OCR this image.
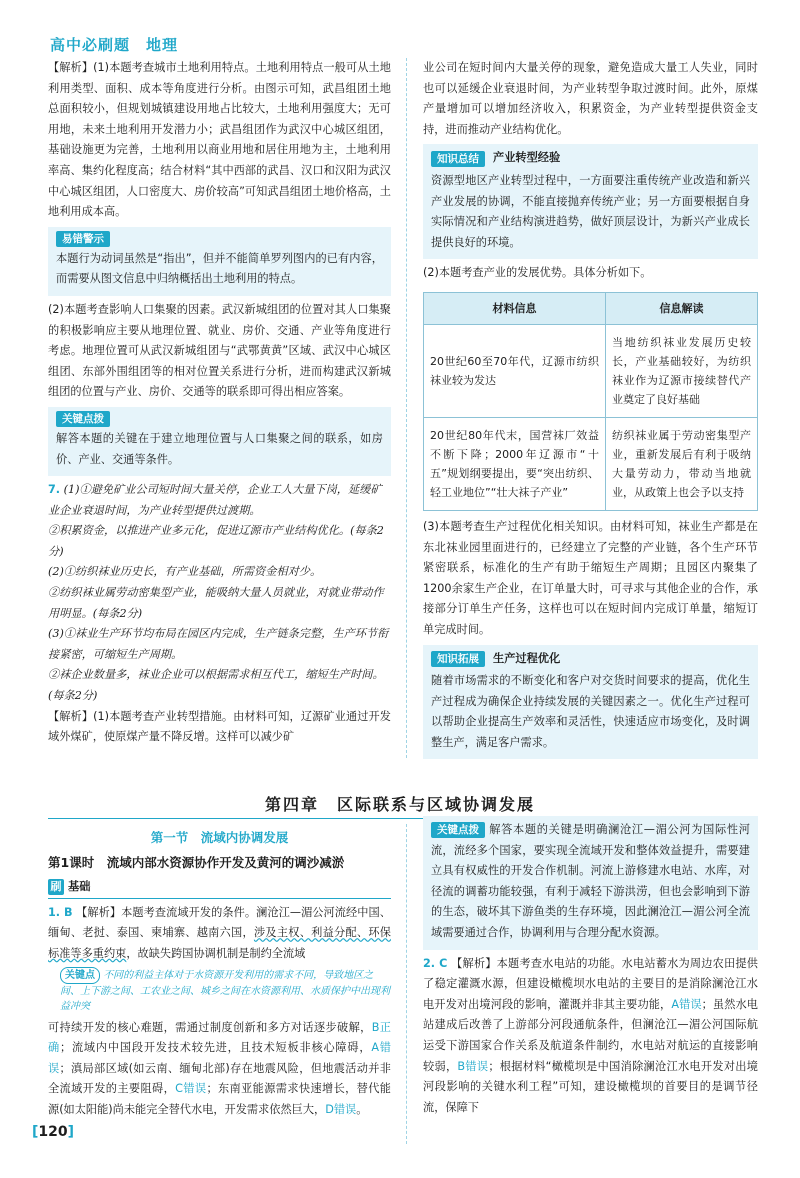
高中必刷题　地理
【解析】(1)本题考查城市土地利用特点。土地利用特点一般可从土地利用类型、面积、成本等角度进行分析。由图示可知，武昌组团土地总面积较小，但规划城镇建设用地占比较大，土地利用强度大；无可用地，未来土地利用开发潜力小；武昌组团作为武汉中心城区组团，基础设施更为完善，土地利用以商业用地和居住用地为主，土地利用率高、集约化程度高；结合材料“其中西部的武昌、汉口和汉阳为武汉中心城区组团，人口密度大、房价较高”可知武昌组团土地价格高，土地利用成本高。
易错警示
本题行为动词虽然是“指出”，但并不能简单罗列图内的已有内容，而需要从图文信息中归纳概括出土地利用的特点。
(2)本题考查影响人口集聚的因素。武汉新城组团的位置对其人口集聚的积极影响应主要从地理位置、就业、房价、交通、产业等角度进行考虑。地理位置可从武汉新城组团与“武鄂黄黄”区域、武汉中心城区组团、东部外围组团等的相对位置关系进行分析，进而构建武汉新城组团的位置与产业、房价、交通等的联系即可得出相应答案。
关键点拨
解答本题的关键在于建立地理位置与人口集聚之间的联系，如房价、产业、交通等条件。
7. (1)①避免矿业公司短时间大量关停，企业工人大量下岗，延缓矿业企业衰退时间，为产业转型提供过渡期。
②积累资金，以推进产业多元化，促进辽源市产业结构优化。(每条2分)
(2)①纺织袜业历史长，有产业基础，所需资金相对少。
②纺织袜业属劳动密集型产业，能吸纳大量人员就业，对就业带动作用明显。(每条2分)
(3)①袜业生产环节均布局在园区内完成，生产链条完整，生产环节衔接紧密，可缩短生产周期。
②袜企业数量多，袜业企业可以根据需求相互代工，缩短生产时间。(每条2分)
【解析】(1)本题考查产业转型措施。由材料可知，辽源矿业通过开发域外煤矿，使原煤产量不降反增。这样可以减少矿
业公司在短时间内大量关停的现象，避免造成大量工人失业，同时也可以延缓企业衰退时间，为产业转型争取过渡时间。此外，原煤产量增加可以增加经济收入，积累资金，为产业转型提供资金支持，进而推动产业结构优化。
知识总结	产业转型经验
资源型地区产业转型过程中，一方面要注重传统产业改造和新兴产业发展的协调，不能直接抛弃传统产业；另一方面要根据自身实际情况和产业结构演进趋势，做好顶层设计，为新兴产业成长提供良好的环境。
(2)本题考查产业的发展优势。具体分析如下。
材料信息	信息解读
20世纪60至70年代，辽源市纺织袜业较为发达	当地纺织袜业发展历史较长，产业基础较好，为纺织袜业作为辽源市接续替代产业奠定了良好基础
20世纪80年代末，国营袜厂效益不断下降；2000年辽源市“十五”规划纲要提出，要“突出纺织、轻工业地位”“壮大袜子产业”	纺织袜业属于劳动密集型产业，重新发展后有利于吸纳大量劳动力，带动当地就业，从政策上也会予以支持
(3)本题考查生产过程优化相关知识。由材料可知，袜业生产都是在东北袜业园里面进行的，已经建立了完整的产业链，各个生产环节紧密联系，标准化的生产有助于缩短生产周期；且园区内聚集了1200余家生产企业，在订单量大时，可寻求与其他企业的合作，承接部分订单生产任务，这样也可以在短时间内完成订单量，缩短订单完成时间。
知识拓展	生产过程优化
随着市场需求的不断变化和客户对交货时间要求的提高，优化生产过程成为确保企业持续发展的关键因素之一。优化生产过程可以帮助企业提高生产效率和灵活性，快速适应市场变化，及时调整生产，满足客户需求。
第四章　区际联系与区域协调发展
第一节　流域内协调发展
第1课时　流域内部水资源协作开发及黄河的调沙减淤
刷 基础
1. B 【解析】本题考查流域开发的条件。澜沧江—湄公河流经中国、缅甸、老挝、泰国、柬埔寨、越南六国，涉及主权、利益分配、环保标准等多重约束，故缺失跨国协调机制是制约全流域
关键点 不同的利益主体对于水资源开发利用的需求不同，导致地区之间、上下游之间、工农业之间、城乡之间在水资源利用、水质保护中出现利益冲突
可持续开发的核心难题，需通过制度创新和多方对话逐步破解，B正确；流域内中国段开发技术较先进，且技术短板非核心障碍，A错误；滇局部区域(如云南、缅甸北部)存在地震风险，但地震活动并非全流域开发的主要阻碍，C错误；东南亚能源需求快速增长，替代能源(如太阳能)尚未能完全替代水电，开发需求依然巨大，D错误。
关键点拨 解答本题的关键是明确澜沧江—湄公河为国际性河流，流经多个国家，要实现全流域开发和整体效益提升，需要建立具有权威性的开发合作机制。河流上游修建水电站、水库，对径流的调蓄功能较强，有利于减轻下游洪涝，但也会影响到下游的生态，破坏其下游鱼类的生存环境，因此澜沧江—湄公河全流域需要通过合作，协调利用与合理分配水资源。
2. C 【解析】本题考查水电站的功能。水电站蓄水为周边农田提供了稳定灌溉水源，但建设橄榄坝水电站的主要目的是消除澜沧江水电开发对出境河段的影响，灌溉并非其主要功能，A错误；虽然水电站建成后改善了上游部分河段通航条件，但澜沧江—湄公河国际航运受下游国家合作关系及航道条件制约，水电站对航运的直接影响较弱，B错误；根据材料“橄榄坝是中国消除澜沧江水电开发对出境河段影响的关键水利工程”可知，建设橄榄坝的首要目的是调节径流，保障下
[120]
